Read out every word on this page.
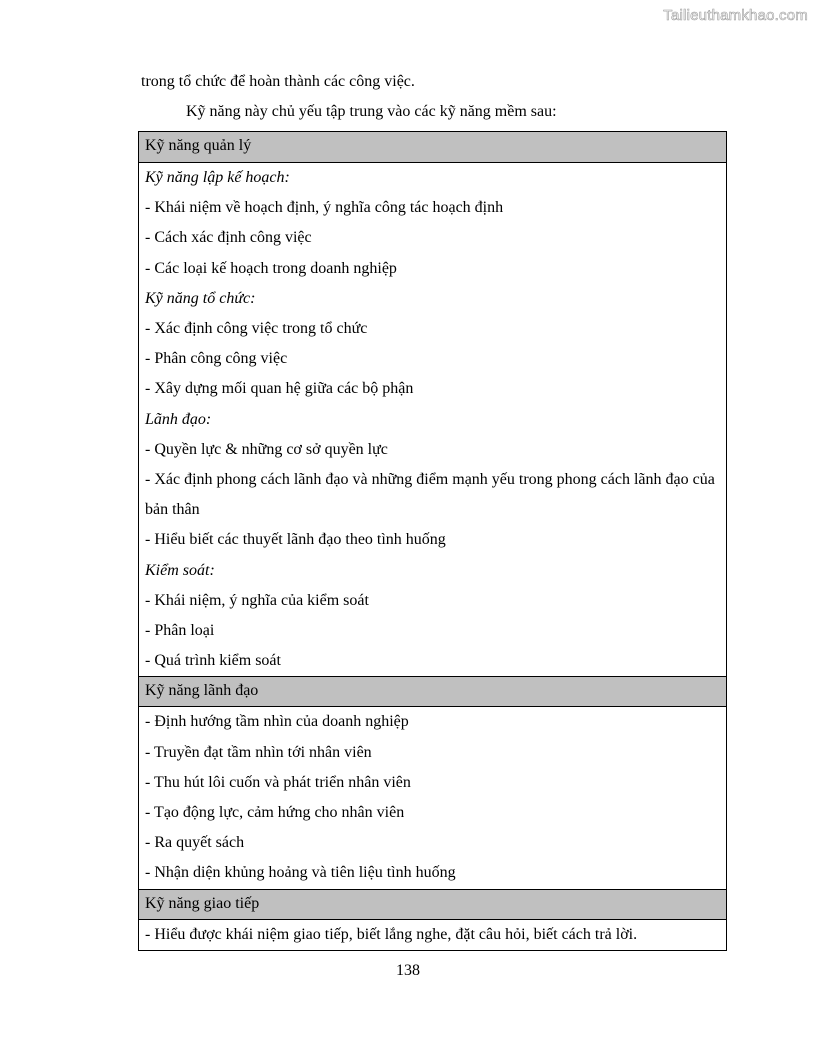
Tailieuthamkhao.com
trong tổ chức để hoàn thành các công việc.
Kỹ năng này chủ yếu tập trung vào các kỹ năng mềm sau:
Kỹ năng quản lý
Kỹ năng lập kế hoạch:
- Khái niệm về hoạch định, ý nghĩa công tác hoạch định
- Cách xác định công việc
- Các loại kế hoạch trong doanh nghiệp
Kỹ năng tổ chức:
- Xác định công việc trong tổ chức
- Phân công công việc
- Xây dựng mối quan hệ giữa các bộ phận
Lãnh đạo:
- Quyền lực & những cơ sở quyền lực
- Xác định phong cách lãnh đạo và những điểm mạnh yếu trong phong cách lãnh đạo của bản thân
- Hiểu biết các thuyết lãnh đạo theo tình huống
Kiểm soát:
- Khái niệm, ý nghĩa của kiểm soát
- Phân loại
- Quá trình kiểm soát
Kỹ năng lãnh đạo
- Định hướng tầm nhìn của doanh nghiệp
- Truyền đạt tầm nhìn tới nhân viên
- Thu hút lôi cuốn và phát triển nhân viên
- Tạo động lực, cảm hứng cho nhân viên
- Ra quyết sách
- Nhận diện khủng hoảng và tiên liệu tình huống
Kỹ năng giao tiếp
- Hiểu được khái niệm giao tiếp, biết lắng nghe, đặt câu hỏi, biết cách trả lời.
138
